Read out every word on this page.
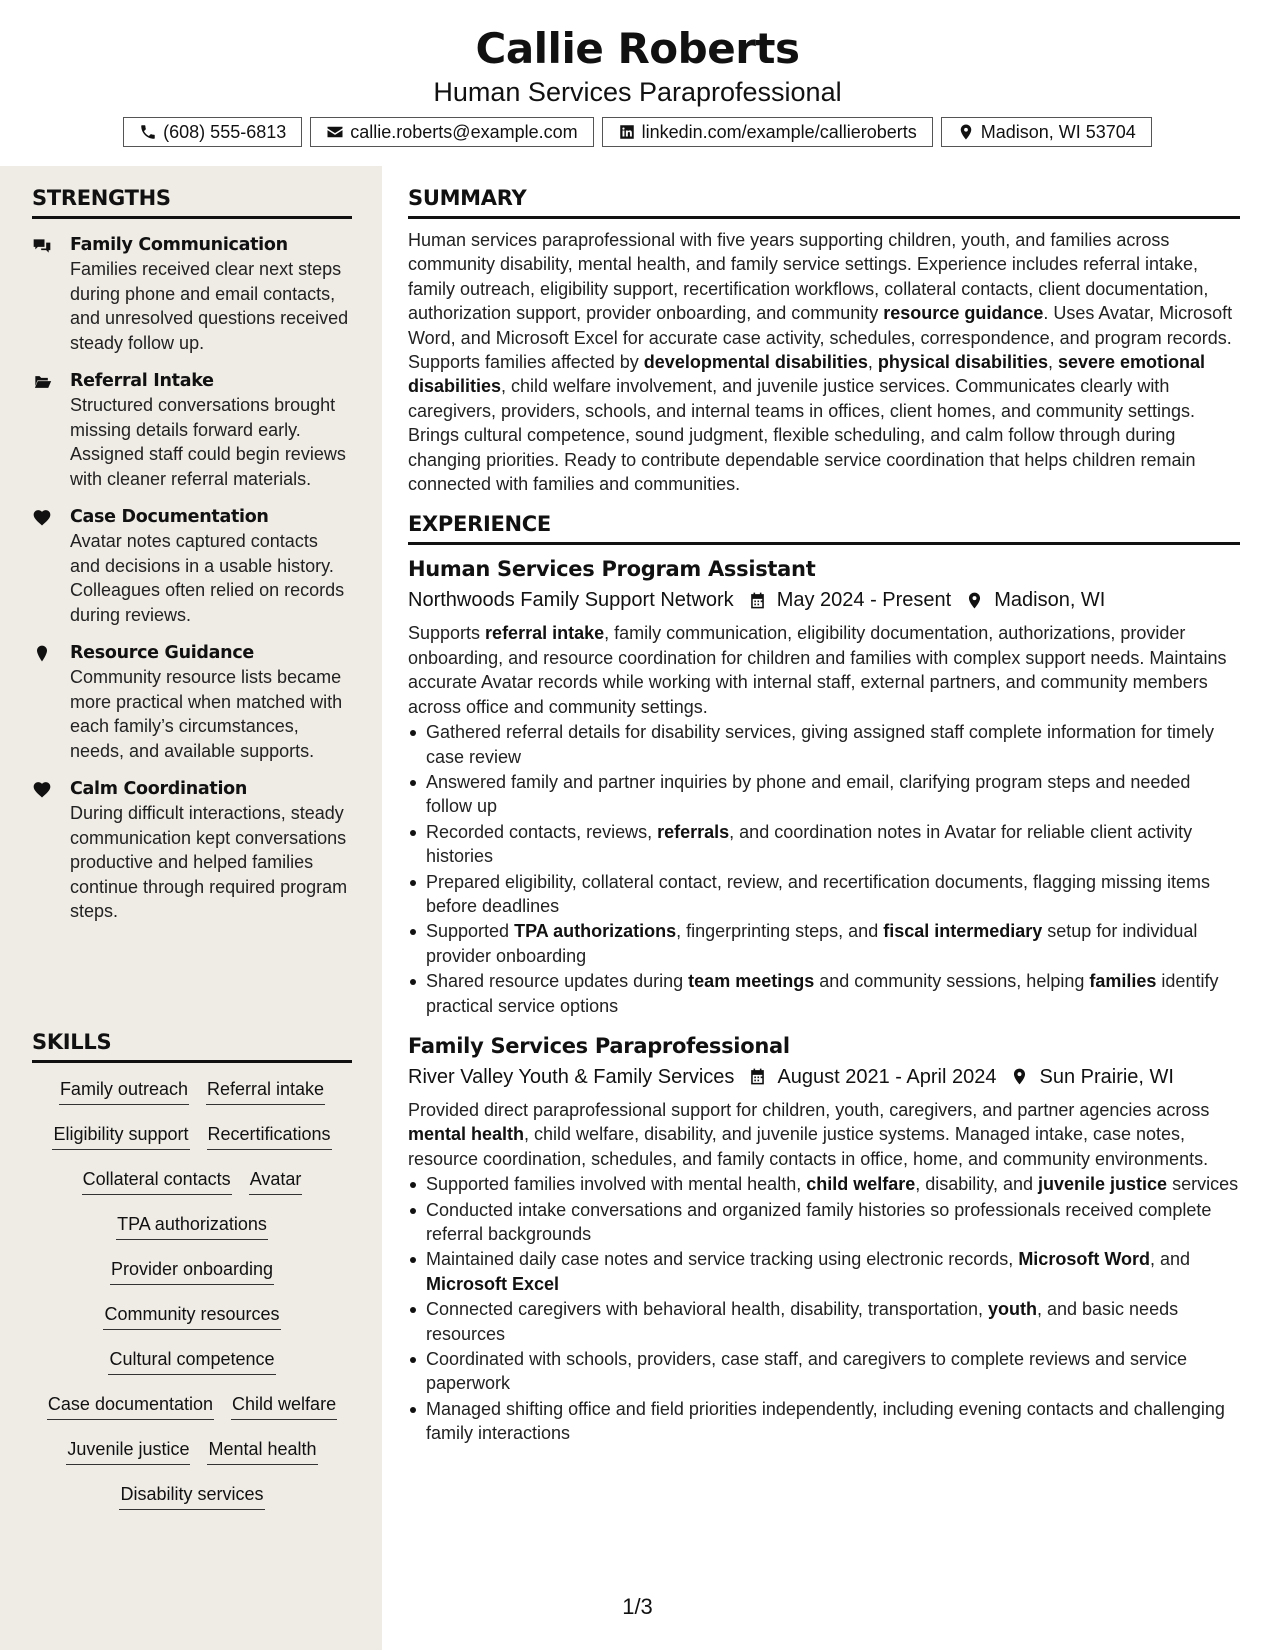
Callie Roberts
Human Services Paraprofessional
(608) 555-6813	callie.roberts@example.com	linkedin.com/example/callieroberts	Madison, WI 53704
STRENGTHS
Family Communication
Families received clear next steps during phone and email contacts, and unresolved questions received steady follow up.
Referral Intake
Structured conversations brought missing details forward early. Assigned staff could begin reviews with cleaner referral materials.
Case Documentation
Avatar notes captured contacts and decisions in a usable history. Colleagues often relied on records during reviews.
Resource Guidance
Community resource lists became more practical when matched with each family’s circumstances, needs, and available supports.
Calm Coordination
During difficult interactions, steady communication kept conversations productive and helped families continue through required program steps.
SKILLS
Family outreach Referral intake
Eligibility support Recertifications
Collateral contacts Avatar
TPA authorizations
Provider onboarding
Community resources
Cultural competence
Case documentation Child welfare
Juvenile justice Mental health
Disability services
SUMMARY

Human services paraprofessional with five years supporting children, youth, and families across community disability, mental health, and family service settings. Experience includes referral intake, family outreach, eligibility support, recertification workflows, collateral contacts, client documentation, authorization support, provider onboarding, and community resource guidance. Uses Avatar, Microsoft Word, and Microsoft Excel for accurate case activity, schedules, correspondence, and program records. Supports families affected by developmental disabilities, physical disabilities, severe emotional disabilities, child welfare involvement, and juvenile justice services. Communicates clearly with caregivers, providers, schools, and internal teams in offices, client homes, and community settings. Brings cultural competence, sound judgment, flexible scheduling, and calm follow through during changing priorities. Ready to contribute dependable service coordination that helps children remain connected with families and communities.

EXPERIENCE
Human Services Program Assistant
Northwoods Family Support Network May 2024 - Present Madison, WI

Supports referral intake, family communication, eligibility documentation, authorizations, provider onboarding, and resource coordination for children and families with complex support needs. Maintains accurate Avatar records while working with internal staff, external partners, and community members across office and community settings.

Gathered referral details for disability services, giving assigned staff complete information for timely case review
Answered family and partner inquiries by phone and email, clarifying program steps and needed follow up
Recorded contacts, reviews, referrals, and coordination notes in Avatar for reliable client activity histories
Prepared eligibility, collateral contact, review, and recertification documents, flagging missing items before deadlines
Supported TPA authorizations, fingerprinting steps, and fiscal intermediary setup for individual provider onboarding
Shared resource updates during team meetings and community sessions, helping families identify practical service options
Family Services Paraprofessional
River Valley Youth & Family Services August 2021 - April 2024 Sun Prairie, WI

Provided direct paraprofessional support for children, youth, caregivers, and partner agencies across mental health, child welfare, disability, and juvenile justice systems. Managed intake, case notes, resource coordination, schedules, and family contacts in office, home, and community environments.

Supported families involved with mental health, child welfare, disability, and juvenile justice services
Conducted intake conversations and organized family histories so professionals received complete referral backgrounds
Maintained daily case notes and service tracking using electronic records, Microsoft Word, and Microsoft Excel
Connected caregivers with behavioral health, disability, transportation, youth, and basic needs resources
Coordinated with schools, providers, case staff, and caregivers to complete reviews and service paperwork
Managed shifting office and field priorities independently, including evening contacts and challenging family interactions
1/3
